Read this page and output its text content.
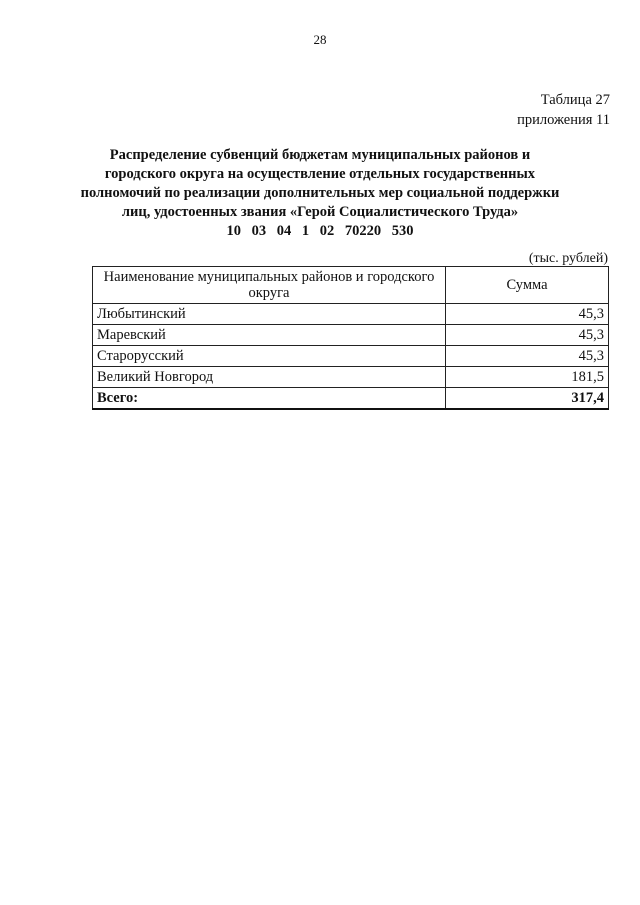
28
Таблица 27
приложения 11
Распределение субвенций бюджетам муниципальных районов и
городского округа на осуществление отдельных государственных
полномочий по реализации дополнительных мер социальной поддержки
лиц, удостоенных звания «Герой Социалистического Труда»
10 03 04 1 02 70220 530
(тыс. рублей)
Наименование муниципальных районов и городского округа	Сумма
Любытинский	45,3
Маревский	45,3
Старорусский	45,3
Великий Новгород	181,5
Всего:	317,4
